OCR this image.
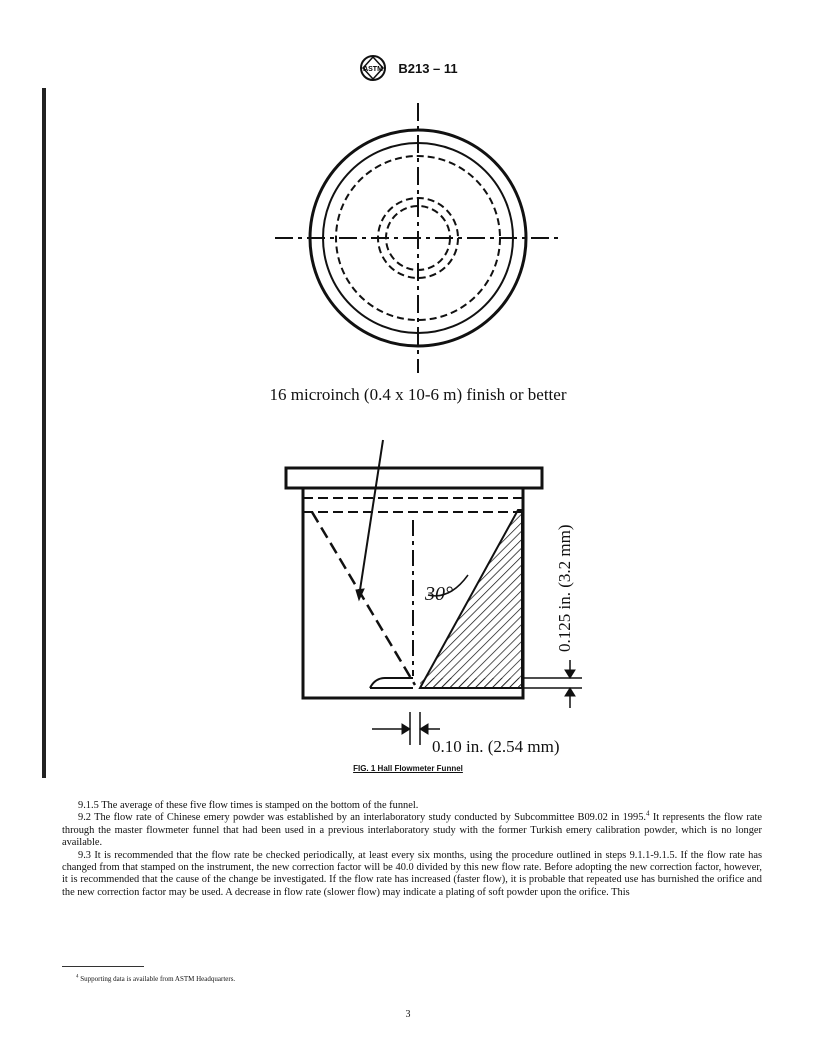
ASTM B213 – 11
16 microinch (0.4 x 10-6 m) finish or better
30°	0.125 in. (3.2 mm)
0.10 in. (2.54 mm)
FIG. 1 Hall Flowmeter Funnel

9.1.5 The average of these five flow times is stamped on the bottom of the funnel.

9.2 The flow rate of Chinese emery powder was established by an interlaboratory study conducted by Subcommittee B09.02 in 1995.$^4$ It represents the flow rate through the master flowmeter funnel that had been used in a previous interlaboratory study with the former Turkish emery calibration powder, which is no longer available.

9.3 It is recommended that the flow rate be checked periodically, at least every six months, using the procedure outlined in steps 9.1.1-9.1.5. If the flow rate has changed from that stamped on the instrument, the new correction factor will be 40.0 divided by this new flow rate. Before adopting the new correction factor, however, it is recommended that the cause of the change be investigated. If the flow rate has increased (faster flow), it is probable that repeated use has burnished the orifice and the new correction factor may be used. A decrease in flow rate (slower flow) may indicate a plating of soft powder upon the orifice. This

$^4$ Supporting data is available from ASTM Headquarters.
3
